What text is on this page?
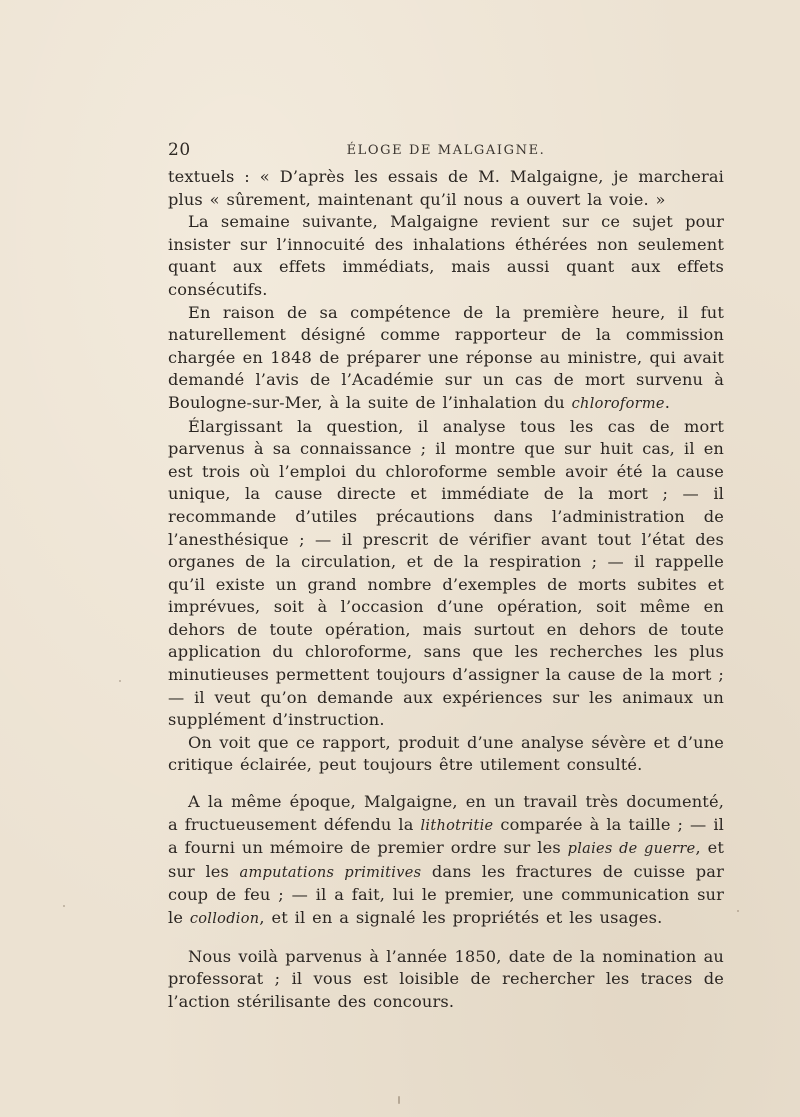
20	ÉLOGE DE MALGAIGNE.

textuels : « D’après les essais de M. Malgaigne, je marcherai plus « sûrement, maintenant qu’il nous a ouvert la voie. »

La semaine suivante, Malgaigne revient sur ce sujet pour insister sur l’innocuité des inhalations éthérées non seulement quant aux effets immédiats, mais aussi quant aux effets consécutifs.

En raison de sa compétence de la première heure, il fut naturellement désigné comme rapporteur de la commission chargée en 1848 de préparer une réponse au ministre, qui avait demandé l’avis de l’Académie sur un cas de mort survenu à Boulogne-sur-Mer, à la suite de l’inhalation du chloroforme.

Élargissant la question, il analyse tous les cas de mort parvenus à sa connaissance ; il montre que sur huit cas, il en est trois où l’emploi du chloroforme semble avoir été la cause unique, la cause directe et immédiate de la mort ; — il recommande d’utiles précautions dans l’administration de l’anesthésique ; — il prescrit de vérifier avant tout l’état des organes de la circulation, et de la respiration ; — il rappelle qu’il existe un grand nombre d’exemples de morts subites et imprévues, soit à l’occasion d’une opération, soit même en dehors de toute opération, mais surtout en dehors de toute application du chloroforme, sans que les recherches les plus minutieuses permettent toujours d’assigner la cause de la mort ; — il veut qu’on demande aux expériences sur les animaux un supplément d’instruction.

On voit que ce rapport, produit d’une analyse sévère et d’une critique éclairée, peut toujours être utilement consulté.

A la même époque, Malgaigne, en un travail très documenté, a fructueusement défendu la lithotritie comparée à la taille ; — il a fourni un mémoire de premier ordre sur les plaies de guerre, et sur les amputations primitives dans les fractures de cuisse par coup de feu ; — il a fait, lui le premier, une communication sur le collodion, et il en a signalé les propriétés et les usages.

Nous voilà parvenus à l’année 1850, date de la nomination au professorat ; il vous est loisible de rechercher les traces de l’action stérilisante des concours.
